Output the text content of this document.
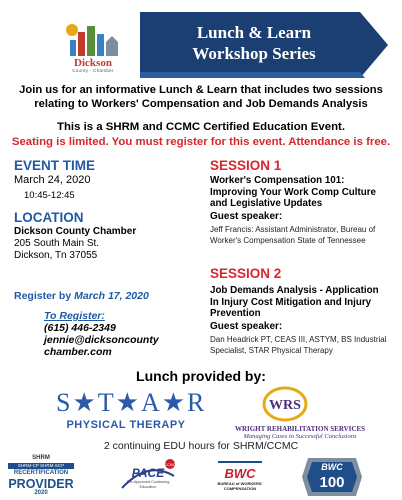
Dickson
County · Chamber
Lunch & Learn
Workshop Series
Join us for an informative Lunch & Learn that includes two sessions
relating to Workers' Compensation and Job Demands Analysis
This is a SHRM and CCMC Certified Education Event.
Seating is limited. You must register for this event. Attendance is free.
EVENT TIME
March 24, 2020
10:45-12:45
LOCATION
Dickson County Chamber
205 South Main St.
Dickson, Tn 37055
Register by March 17, 2020
To Register:
(615) 446-2349
jennie@dicksoncounty
chamber.com
SESSION 1
Worker's Compensation 101:
Improving Your Work Comp Culture
and Legislative Updates
Guest speaker:
Jeff Francis: Assistant Administrator, Bureau of
Worker's Compensation State of Tennessee
SESSION 2
Job Demands Analysis - Application
In Injury Cost Mitigation and Injury
Prevention
Guest speaker:
Dan Headrick PT, CEAS III, ASTYM, BS Industrial
Specialist, STAR Physical Therapy
Lunch provided by:
S★T★A★R
PHYSICAL THERAPY
WRS
WRIGHT REHABILITATION SERVICES
Managing Cases to Successful Conclusions
2 continuing EDU hours for SHRM/CCMC
SHRM
SHRM-CP SHRM-SCP
RECERTIFICATION
PROVIDER
2020
CCMC
PACE
Pre-Approved Continuing Education
BWC
BUREAU of WORKERS' COMPENSATION
BWC
100
